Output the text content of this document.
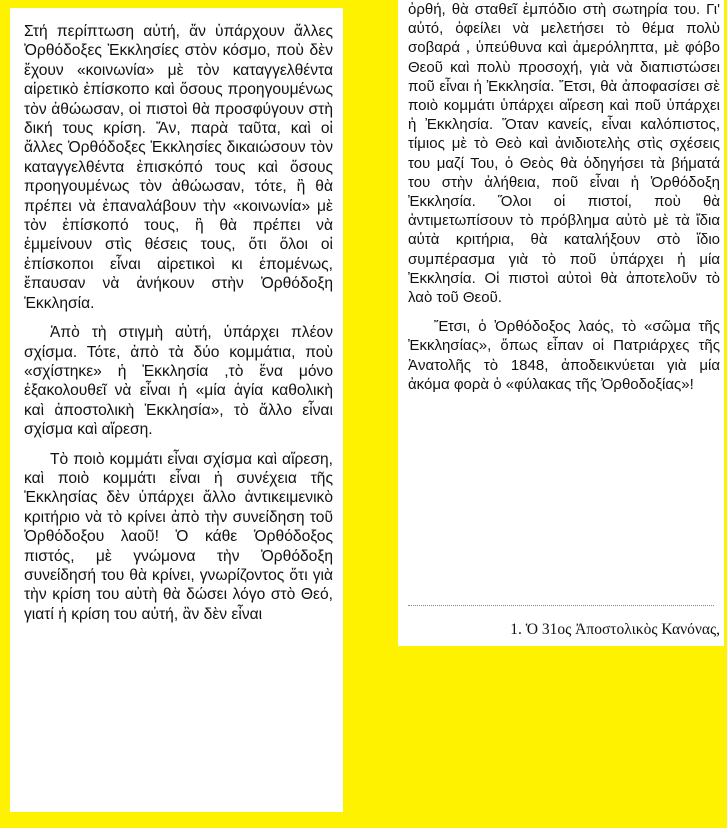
Στή περίπτωση αὐτή, ἄν ὑπάρχουν ἄλλες Ὀρθόδοξες Ἐκκλησίες στὸν κόσμο, ποὺ δὲν ἔχουν «κοινωνία» μὲ τὸν καταγγελθέντα αἱρετικὸ ἐπίσκοπο καὶ ὅσους προηγουμένως τὸν ἀθώωσαν, οἱ πιστοὶ θὰ προσφύγουν στὴ δική τους κρίση. Ἄν, παρὰ ταῦτα, καὶ οἱ ἄλλες Ὀρθόδοξες Ἐκκλησίες δικαιώσουν τὸν καταγγελθέντα ἐπισκόπό τους καὶ ὅσους προηγουμένως τὸν ἀθώωσαν, τότε, ἢ θὰ πρέπει νὰ ἐπαναλάβουν τὴν «κοινωνία» μὲ τὸν ἐπίσκοπό τους, ἢ θὰ πρέπει νὰ ἐμμείνουν στὶς θέσεις τους, ὅτι ὅλοι οἱ ἐπίσκοποι εἶναι αἱρετικοὶ κι ἑπομένως, ἔπαυσαν νὰ ἀνήκουν στὴν Ὀρθόδοξη Ἐκκλησία.

Ἀπὸ τὴ στιγμὴ αὐτή, ὑπάρχει πλέον σχίσμα. Τότε, ἀπὸ τὰ δύο κομμάτια, ποὺ «σχίστηκε» ἡ Ἐκκλησία ,τὸ ἕνα μόνο ἐξακολουθεῖ νὰ εἶναι ἡ «μία ἁγία καθολικὴ καὶ ἀποστολικὴ Ἐκκλησία», τὸ ἄλλο εἶναι σχίσμα καὶ αἵρεση.

Τὸ ποιὸ κομμάτι εἶναι σχίσμα καὶ αἵρεση, καὶ ποιὸ κομμάτι εἶναι ἡ συνέχεια τῆς Ἐκκλησίας δὲν ὑπάρχει ἄλλο ἀντικειμενικὸ κριτήριο νὰ τὸ κρίνει ἀπὸ τὴν συνείδηση τοῦ Ὀρθόδοξου λαοῦ! Ὁ κάθε Ὀρθόδοξος πιστός, μὲ γνώμονα τὴν Ὀρθόδοξη συνείδησή του θὰ κρίνει, γνωρίζοντος ὅτι γιὰ τὴν κρίση του αὐτὴ θὰ δώσει λόγο στὸ Θεό, γιατί ἡ κρίση του αὐτή, ἂν δὲν εἶναι

ὀρθή, θὰ σταθεῖ ἐμπόδιο στὴ σωτηρία του. Γι' αὐτό, ὀφείλει νὰ μελετήσει τὸ θέμα πολὺ σοβαρά , ὑπεύθυνα καὶ ἀμερόληπτα, μὲ φόβο Θεοῦ καὶ πολὺ προσοχή, γιὰ νὰ διαπιστώσει ποῦ εἶναι ἡ Ἐκκλησία. Ἔτσι, θὰ ἀποφασίσει σὲ ποιὸ κομμάτι ὑπάρχει αἵρεση καὶ ποῦ ὑπάρχει ἡ Ἐκκλησία. Ὅταν κανείς, εἶναι καλόπιστος, τίμιος μὲ τὸ Θεὸ καὶ ἀνιδιοτελὴς στὶς σχέσεις του μαζί Του, ὁ Θεὸς θὰ ὁδηγήσει τὰ βήματά του στὴν ἀλήθεια, ποῦ εἶναι ἡ Ὀρθόδοξη Ἐκκλησία. Ὅλοι οἱ πιστοί, ποὺ θὰ ἀντιμετωπίσουν τὸ πρόβλημα αὐτὸ μὲ τὰ ἴδια αὐτὰ κριτήρια, θὰ καταλήξουν στὸ ἴδιο συμπέρασμα γιὰ τὸ ποῦ ὑπάρχει ἡ μία Ἐκκλησία. Οἱ πιστοὶ αὐτοὶ θὰ ἀποτελοῦν τὸ λαὸ τοῦ Θεοῦ.

Ἔτσι, ὁ Ὀρθόδοξος λαός, τὸ «σῶμα τῆς Ἐκκλησίας», ὅπως εἶπαν οἱ Πατριάρχες τῆς Ἀνατολῆς τὸ 1848, ἀποδεικνύεται γιὰ μία ἀκόμα φορὰ ὁ «φύλακας τῆς Ὀρθοδοξίας»!

1. Ὁ 31ος Ἀποστολικὸς Κανόνας,
